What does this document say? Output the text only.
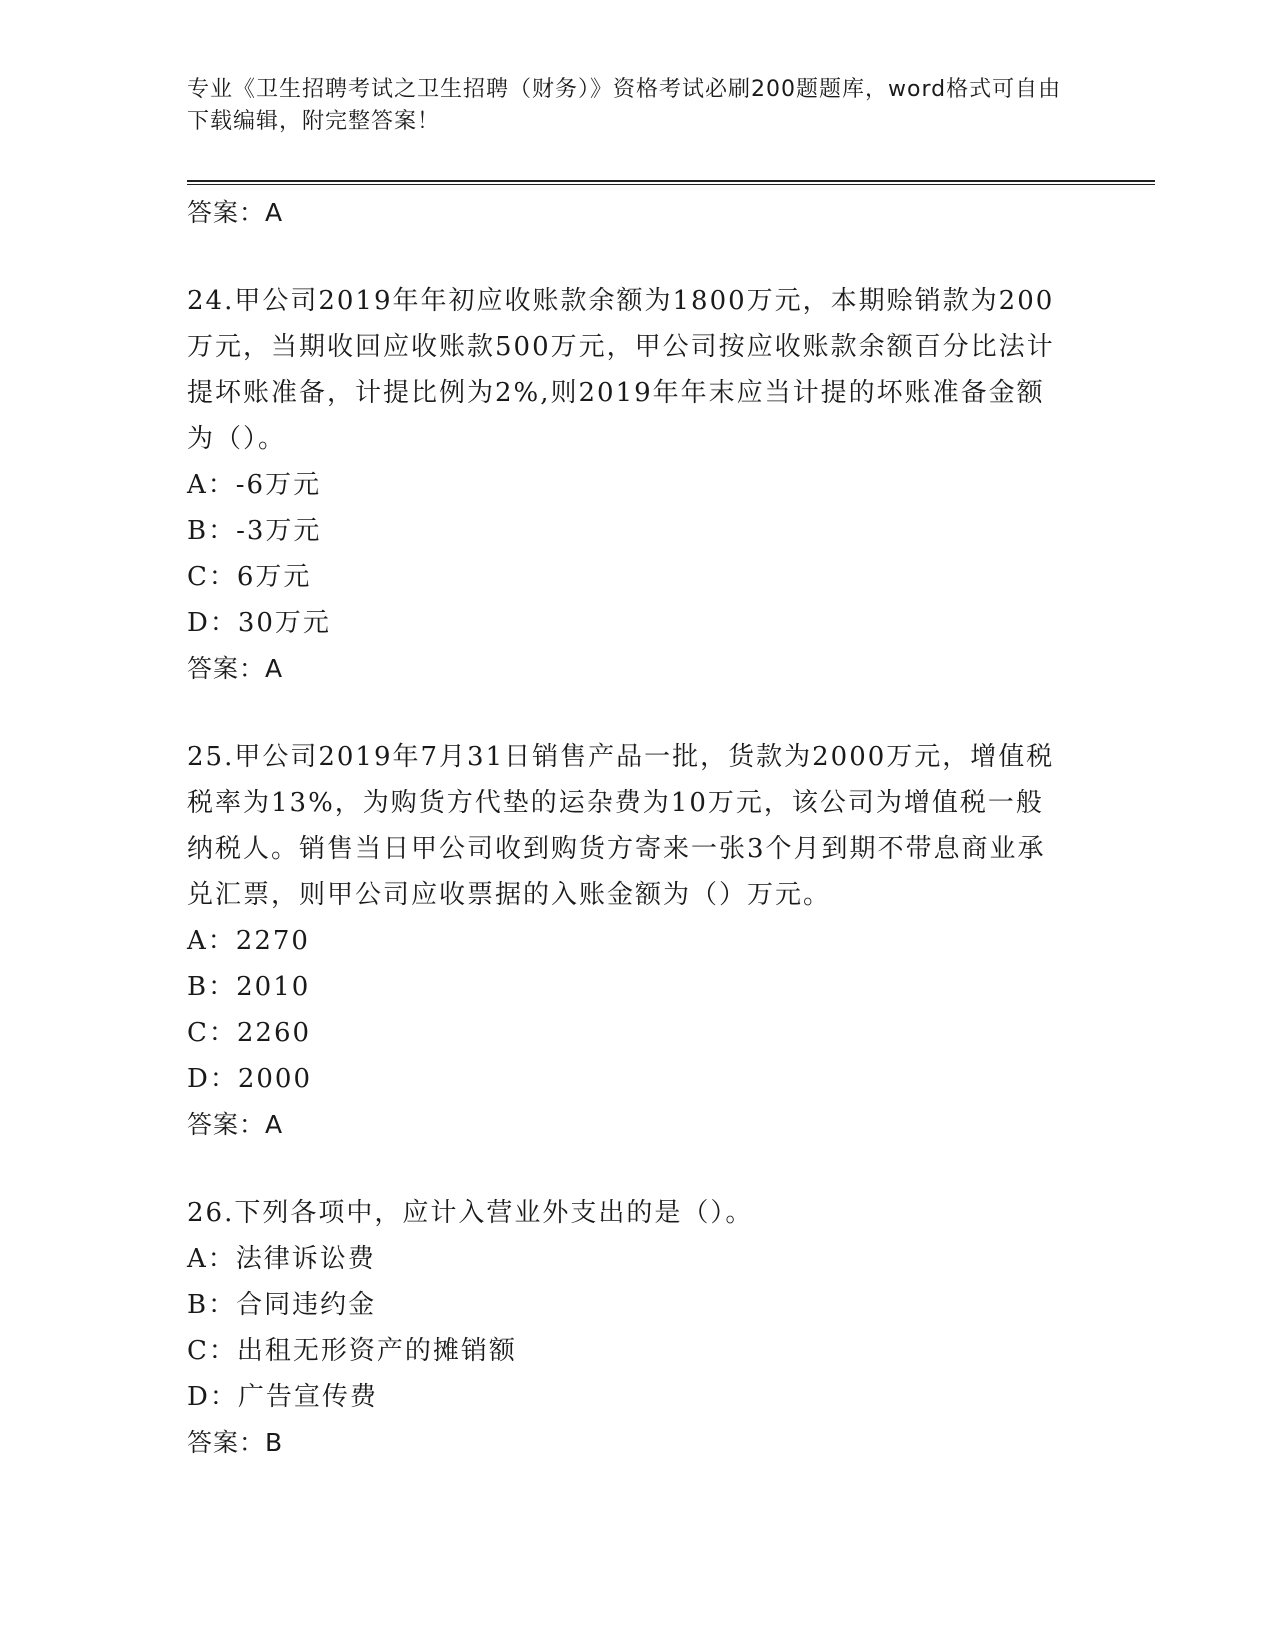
专业《卫生招聘考试之卫生招聘（财务）》资格考试必刷200题题库，word格式可自由下载编辑，附完整答案！

答案：A

24.甲公司2019年年初应收账款余额为1800万元，本期赊销款为200万元，当期收回应收账款500万元，甲公司按应收账款余额百分比法计提坏账准备，计提比例为2%,则2019年年末应当计提的坏账准备金额为（）。

A：-6万元

B：-3万元

C：6万元

D：30万元

答案：A

25.甲公司2019年7月31日销售产品一批，货款为2000万元，增值税税率为13%，为购货方代垫的运杂费为10万元，该公司为增值税一般纳税人。销售当日甲公司收到购货方寄来一张3个月到期不带息商业承兑汇票，则甲公司应收票据的入账金额为（）万元。

A：2270

B：2010

C：2260

D：2000

答案：A

26.下列各项中，应计入营业外支出的是（）。

A：法律诉讼费

B：合同违约金

C：出租无形资产的摊销额

D：广告宣传费

答案：B
